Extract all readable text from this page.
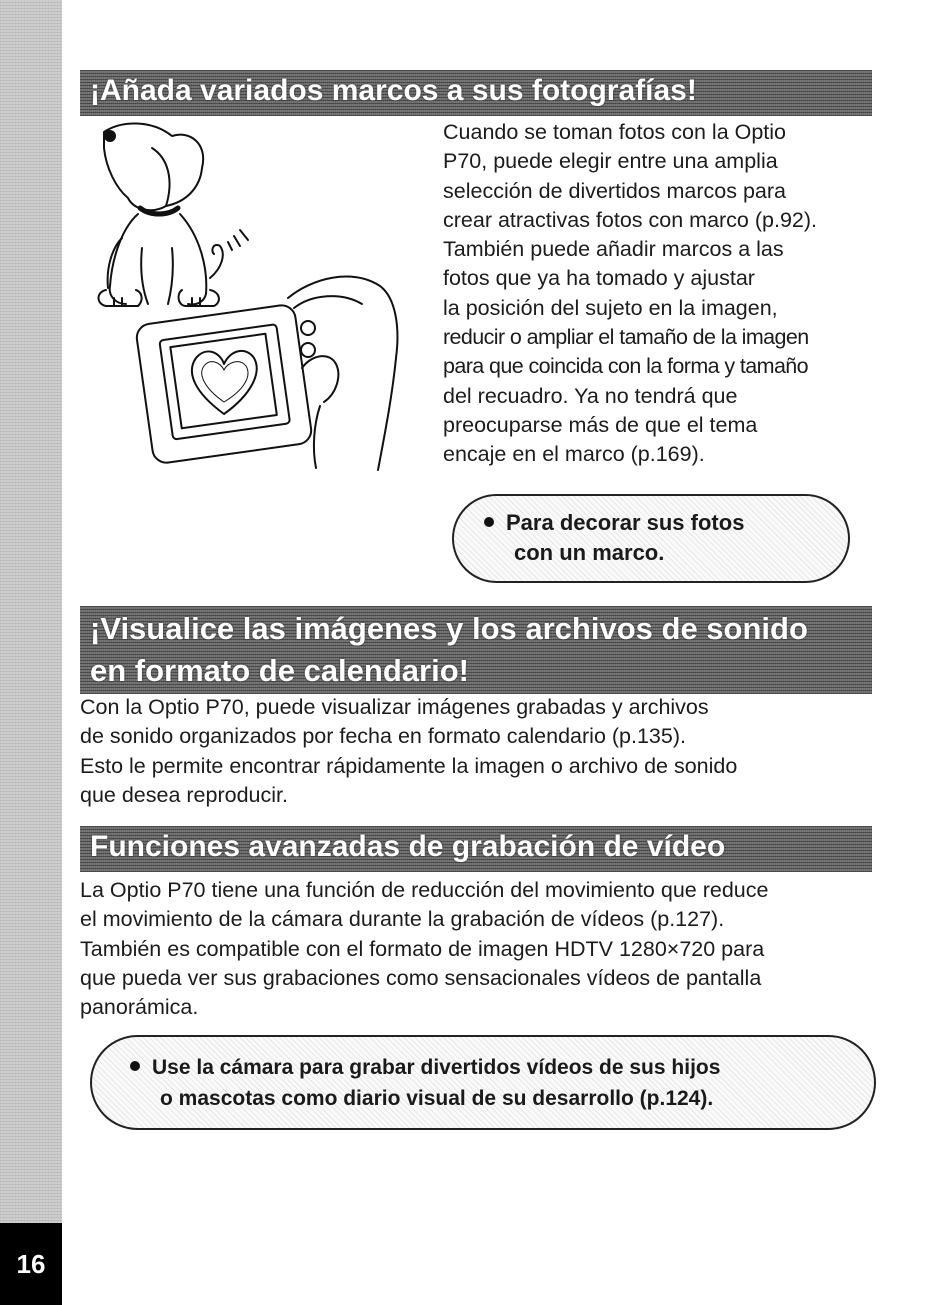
16
¡Añada variados marcos a sus fotografías!
Cuando se toman fotos con la Optio
P70, puede elegir entre una amplia
selección de divertidos marcos para
crear atractivas fotos con marco (p.92).
También puede añadir marcos a las
fotos que ya ha tomado y ajustar
la posición del sujeto en la imagen,
reducir o ampliar el tamaño de la imagen
para que coincida con la forma y tamaño
del recuadro. Ya no tendrá que
preocuparse más de que el tema
encaje en el marco (p.169).
Para decorar sus fotos
con un marco.
¡Visualice las imágenes y los archivos de sonido
en formato de calendario!
Con la Optio P70, puede visualizar imágenes grabadas y archivos
de sonido organizados por fecha en formato calendario (p.135).
Esto le permite encontrar rápidamente la imagen o archivo de sonido
que desea reproducir.
Funciones avanzadas de grabación de vídeo
La Optio P70 tiene una función de reducción del movimiento que reduce
el movimiento de la cámara durante la grabación de vídeos (p.127).
También es compatible con el formato de imagen HDTV 1280×720 para
que pueda ver sus grabaciones como sensacionales vídeos de pantalla
panorámica.
Use la cámara para grabar divertidos vídeos de sus hijos
o mascotas como diario visual de su desarrollo (p.124).
